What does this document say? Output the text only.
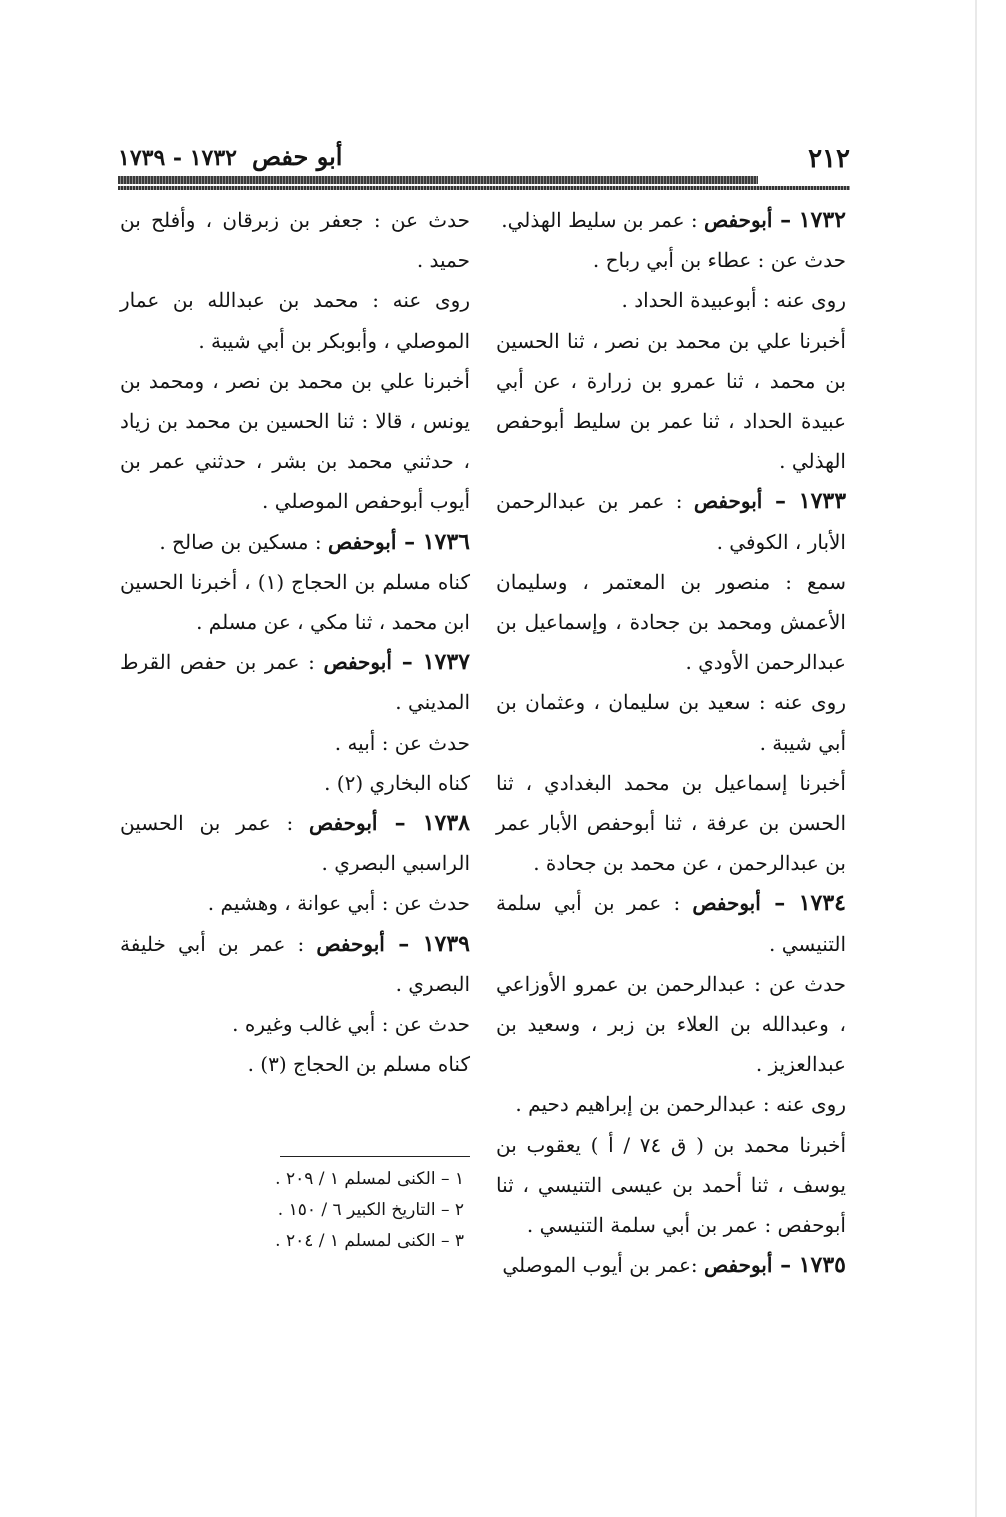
٢١٢
أبو حفص ١٧٣٢ - ١٧٣٩

١٧٣٢ – أبوحفص : عمر بن سليط الهذلي.

حدث عن : عطاء بن أبي رباح .

روى عنه : أبوعبيدة الحداد .

أخبرنا علي بن محمد بن نصر ، ثنا الحسين بن محمد ، ثنا عمرو بن زرارة ، عن أبي عبيدة الحداد ، ثنا عمر بن سليط أبوحفص الهذلي .

١٧٣٣ – أبوحفص : عمر بن عبدالرحمن الأبار ، الكوفي .

سمع : منصور بن المعتمر ، وسليمان الأعمش ومحمد بن جحادة ، وإسماعيل بن عبدالرحمن الأودي .

روى عنه : سعيد بن سليمان ، وعثمان بن أبي شيبة .

أخبرنا إسماعيل بن محمد البغدادي ، ثنا الحسن بن عرفة ، ثنا أبوحفص الأبار عمر بن عبدالرحمن ، عن محمد بن جحادة .

١٧٣٤ – أبوحفص : عمر بن أبي سلمة التنيسي .

حدث عن : عبدالرحمن بن عمرو الأوزاعي ، وعبدالله بن العلاء بن زبر ، وسعيد بن عبدالعزيز .

روى عنه : عبدالرحمن بن إبراهيم دحيم .

أخبرنا محمد بن ( ق ٧٤ / أ ) يعقوب بن يوسف ، ثنا أحمد بن عيسى التنيسي ، ثنا أبوحفص : عمر بن أبي سلمة التنيسي .

١٧٣٥ – أبوحفص :عمر بن أيوب الموصلي

حدث عن : جعفر بن زبرقان ، وأفلح بن حميد .

روى عنه : محمد بن عبدالله بن عمار الموصلي ، وأبوبكر بن أبي شيبة .

أخبرنا علي بن محمد بن نصر ، ومحمد بن يونس ، قالا : ثنا الحسين بن محمد بن زياد ، حدثني محمد بن بشر ، حدثني عمر بن أيوب أبوحفص الموصلي .

١٧٣٦ – أبوحفص : مسكين بن صالح .

كناه مسلم بن الحجاج (١) ، أخبرنا الحسين ابن محمد ، ثنا مكي ، عن مسلم .

١٧٣٧ – أبوحفص : عمر بن حفص القرط المديني .

حدث عن : أبيه .

كناه البخاري (٢) .

١٧٣٨ – أبوحفص : عمر بن الحسين الراسبي البصري .

حدث عن : أبي عوانة ، وهشيم .

١٧٣٩ – أبوحفص : عمر بن أبي خليفة البصري .

حدث عن : أبي غالب وغيره .

كناه مسلم بن الحجاج (٣) .

١ – الكنى لمسلم ١ / ٢٠٩ .
٢ – التاريخ الكبير ٦ / ١٥٠ .
٣ – الكنى لمسلم ١ / ٢٠٤ .
